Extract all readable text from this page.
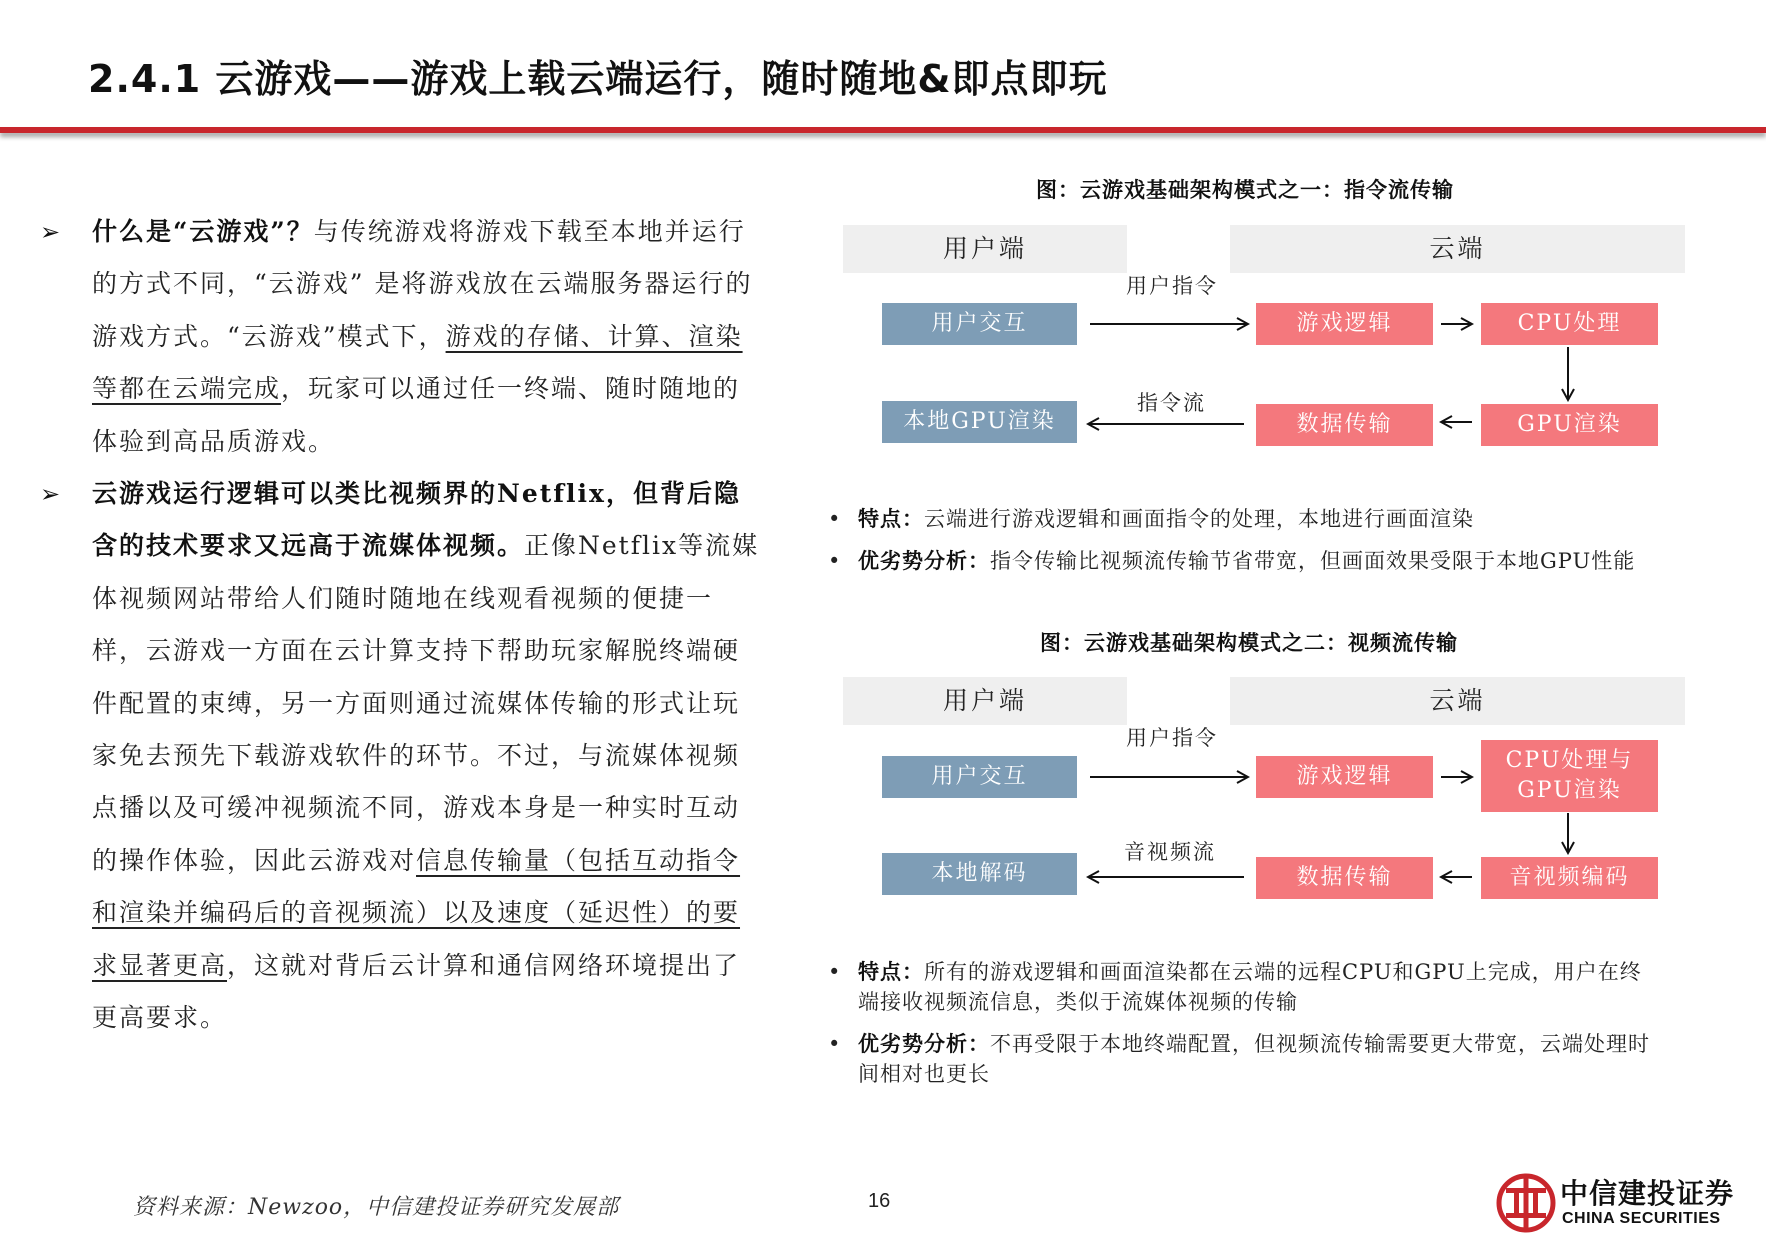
2.4.1 云游戏——游戏上载云端运行，随时随地&即点即玩
➢ 什么是“云游戏”？与传统游戏将游戏下载至本地并运行的方式不同，“云游戏” 是将游戏放在云端服务器运行的游戏方式。“云游戏”模式下，游戏的存储、计算、渲染等都在云端完成，玩家可以通过任一终端、随时随地的体验到高品质游戏。
➢ 云游戏运行逻辑可以类比视频界的Netflix，但背后隐含的技术要求又远高于流媒体视频。正像Netflix等流媒体视频网站带给人们随时随地在线观看视频的便捷一样，云游戏一方面在云计算支持下帮助玩家解脱终端硬件配置的束缚，另一方面则通过流媒体传输的形式让玩家免去预先下载游戏软件的环节。不过，与流媒体视频点播以及可缓冲视频流不同，游戏本身是一种实时互动的操作体验，因此云游戏对信息传输量（包括互动指令和渲染并编码后的音视频流）以及速度（延迟性）的要求显著更高，这就对背后云计算和通信网络环境提出了更高要求。
图：云游戏基础架构模式之一：指令流传输
用户端	云端
用户交互	游戏逻辑	CPU处理
本地GPU渲染	数据传输	GPU渲染
用户指令
指令流
图：云游戏基础架构模式之二：视频流传输
用户端	云端
用户交互	游戏逻辑
CPU处理与
GPU渲染
本地解码	数据传输	音视频编码
用户指令
音视频流
• 特点：云端进行游戏逻辑和画面指令的处理，本地进行画面渲染
• 优劣势分析：指令传输比视频流传输节省带宽，但画面效果受限于本地GPU性能
• 特点：所有的游戏逻辑和画面渲染都在云端的远程CPU和GPU上完成，用户在终端接收视频流信息，类似于流媒体视频的传输
• 优劣势分析：不再受限于本地终端配置，但视频流传输需要更大带宽，云端处理时间相对也更长
资料来源：Newzoo，中信建投证券研究发展部	16	中信建投证券
CHINA SECURITIES
